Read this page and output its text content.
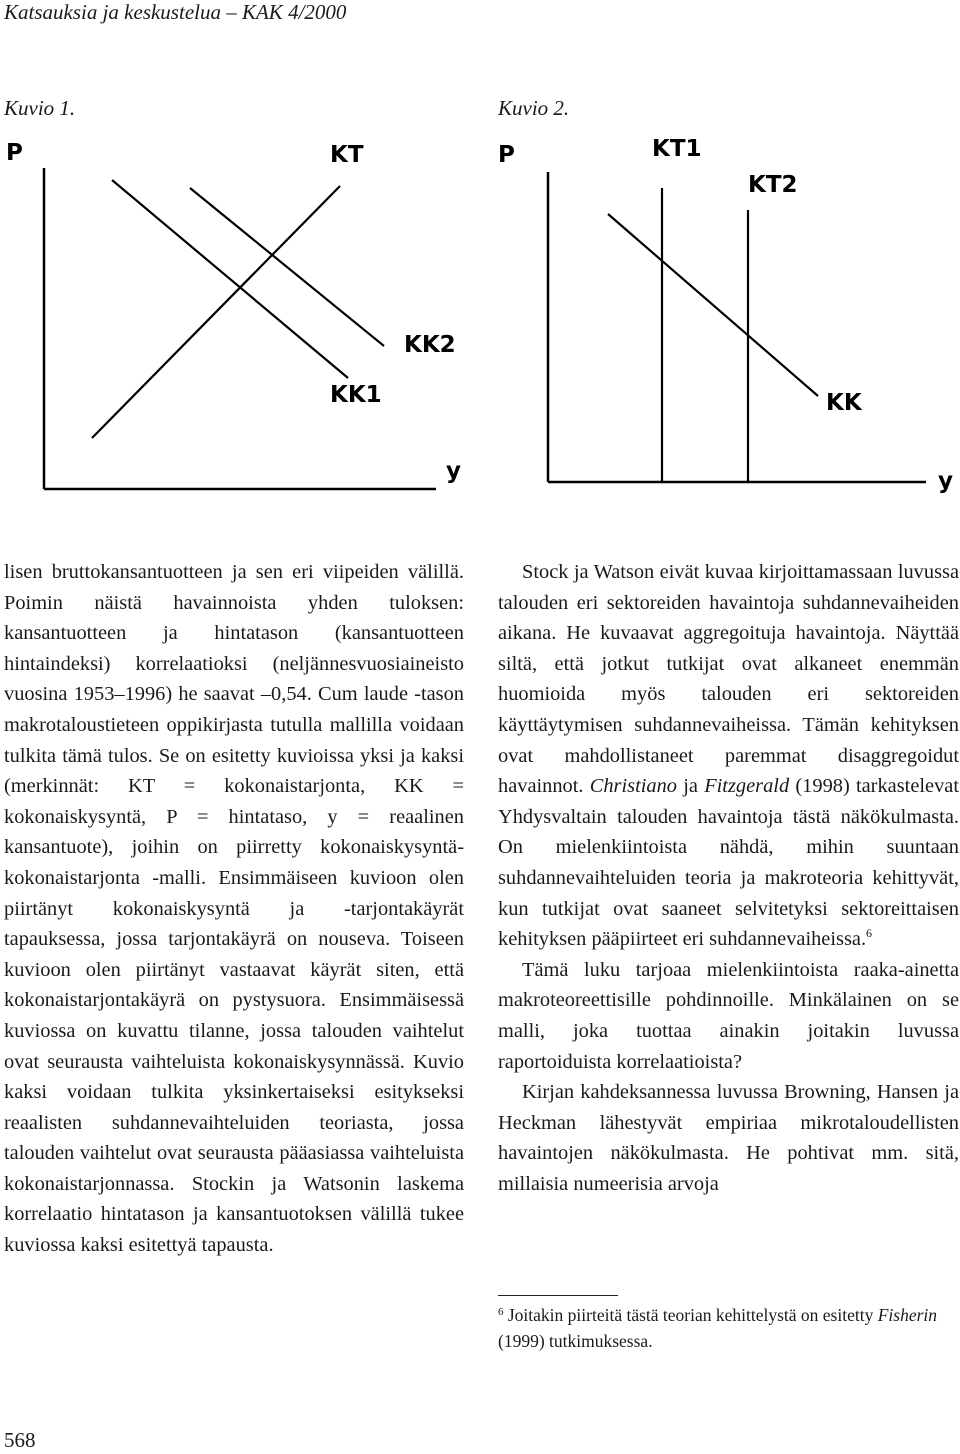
Katsauksia ja keskustelua – KAK 4/2000
Kuvio 1.	Kuvio 2.
P	KT
KK2
KK1
y
P	KT1
KT2
KK
y

lisen bruttokansantuotteen ja sen eri viipeiden välillä. Poimin näistä havainnoista yhden tuloksen: kansantuotteen ja hintatason (kansantuotteen hintaindeksi) korrelaatioksi (neljännesvuosiaineisto vuosina 1953–1996) he saavat –0,54. Cum laude -tason makrotaloustieteen oppikirjasta tutulla mallilla voidaan tulkita tämä tulos. Se on esitetty kuvioissa yksi ja kaksi (merkinnät: KT = kokonaistarjonta, KK = kokonaiskysyntä, P = hintataso, y = reaalinen kansantuote), joihin on piirretty kokonaiskysyntä-kokonaistarjonta -malli. Ensimmäiseen kuvioon olen piirtänyt kokonaiskysyntä ja -tarjontakäyrät tapauksessa, jossa tarjontakäyrä on nouseva. Toiseen kuvioon olen piirtänyt vastaavat käyrät siten, että kokonaistarjontakäyrä on pystysuora. Ensimmäisessä kuviossa on kuvattu tilanne, jossa talouden vaihtelut ovat seurausta vaihteluista kokonaiskysynnässä. Kuvio kaksi voidaan tulkita yksinkertaiseksi esitykseksi reaalisten suhdannevaihteluiden teoriasta, jossa talouden vaihtelut ovat seurausta pääasiassa vaihteluista kokonaistarjonnassa. Stockin ja Watsonin laskema korrelaatio hintatason ja kansantuotoksen välillä tukee kuviossa kaksi esitettyä tapausta.

Stock ja Watson eivät kuvaa kirjoittamassaan luvussa talouden eri sektoreiden havaintoja suhdannevaiheiden aikana. He kuvaavat aggregoituja havaintoja. Näyttää siltä, että jotkut tutkijat ovat alkaneet enemmän huomioida myös talouden eri sektoreiden käyttäytymisen suhdannevaiheissa. Tämän kehityksen ovat mahdollistaneet paremmat disaggregoidut havainnot. Christiano ja Fitzgerald (1998) tarkastelevat Yhdysvaltain talouden havaintoja tästä näkökulmasta. On mielenkiintoista nähdä, mihin suuntaan suhdannevaihteluiden teoria ja makroteoria kehittyvät, kun tutkijat ovat saaneet selvitetyksi sektoreittaisen kehityksen pääpiirteet eri suhdannevaiheissa.$^6$

Tämä luku tarjoaa mielenkiintoista raaka-ainetta makroteoreettisille pohdinnoille. Minkälainen on se malli, joka tuottaa ainakin joitakin luvussa raportoiduista korrelaatioista?

Kirjan kahdeksannessa luvussa Browning, Hansen ja Heckman lähestyvät empiriaa mikrotaloudellisten havaintojen näkökulmasta. He pohtivat mm. sitä, millaisia numeerisia arvoja

$^6$ Joitakin piirteitä tästä teorian kehittelystä on esitetty Fisherin (1999) tutkimuksessa.
568
